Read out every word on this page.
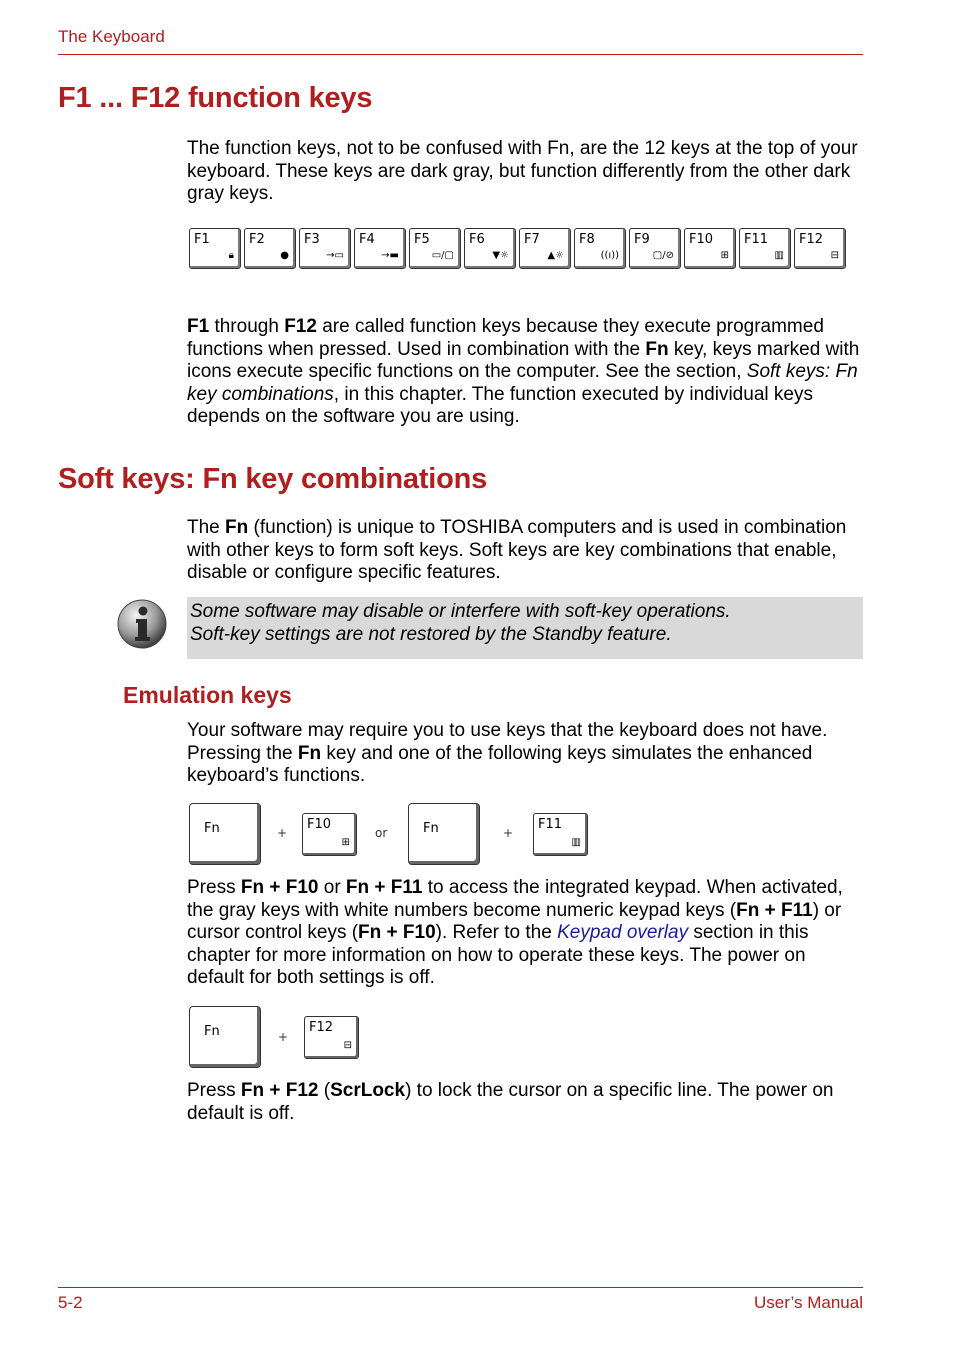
The Keyboard
F1 ... F12 function keys

The function keys, not to be confused with Fn, are the 12 keys at the top of your keyboard. These keys are dark gray, but function differently from the other dark gray keys.

F1
🔒︎
F2
●
F3
→▭
F4
→▬
F5
▭/▢
F6
▼☼
F7
▲☼
F8
((ı))
F9
▢/⊘
F10
⊞
F11
▥
F12
⊟

F1 through F12 are called function keys because they execute programmed functions when pressed. Used in combination with the Fn key, keys marked with icons execute specific functions on the computer. See the section, Soft keys: Fn key combinations, in this chapter. The function executed by individual keys depends on the software you are using.

Soft keys: Fn key combinations

The Fn (function) is unique to TOSHIBA computers and is used in combination with other keys to form soft keys. Soft keys are key combinations that enable, disable or configure specific features.

Some software may disable or interfere with soft-key operations.
Soft-key settings are not restored by the Standby feature.
Emulation keys

Your software may require you to use keys that the keyboard does not have. Pressing the Fn key and one of the following keys simulates the enhanced keyboard’s functions.

Fn	+
F10
⊞
or	Fn	+
F11
▥

Press Fn + F10 or Fn + F11 to access the integrated keypad. When activated, the gray keys with white numbers become numeric keypad keys (Fn + F11) or cursor control keys (Fn + F10). Refer to the Keypad overlay section in this chapter for more information on how to operate these keys. The power on default for both settings is off.

Fn	+
F12
⊟

Press Fn + F12 (ScrLock) to lock the cursor on a specific line. The power on default is off.

5-2	User’s Manual
